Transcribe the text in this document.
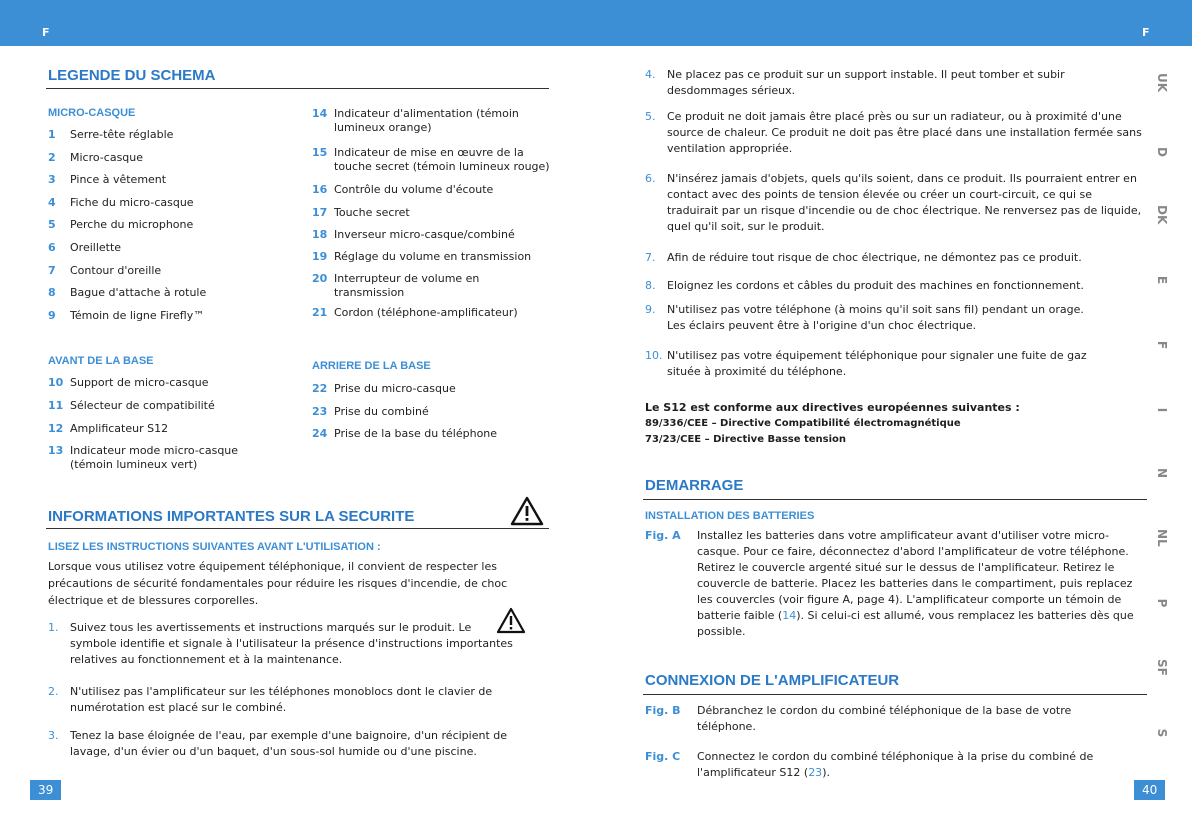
F	F
UK
D
DK
E
F
I
N
NL
P
SF
S
LEGENDE DU SCHEMA
MICRO-CASQUE
1 Serre-tête réglable
2 Micro-casque
3 Pince à vêtement
4 Fiche du micro-casque
5 Perche du microphone
6 Oreillette
7 Contour d'oreille
8 Bague d'attache à rotule
9 Témoin de ligne Firefly™
AVANT DE LA BASE
10 Support de micro-casque
11 Sélecteur de compatibilité
12 Amplificateur S12
13 Indicateur mode micro-casque (témoin lumineux vert)
14 Indicateur d'alimentation (témoin lumineux orange)
15 Indicateur de mise en œuvre de la touche secret (témoin lumineux rouge)
16 Contrôle du volume d'écoute
17 Touche secret
18 Inverseur micro-casque/combiné
19 Réglage du volume en transmission
20 Interrupteur de volume en transmission
21 Cordon (téléphone-amplificateur)
ARRIERE DE LA BASE
22 Prise du micro-casque
23 Prise du combiné
24 Prise de la base du téléphone
INFORMATIONS IMPORTANTES SUR LA SECURITE
LISEZ LES INSTRUCTIONS SUIVANTES AVANT L'UTILISATION :
Lorsque vous utilisez votre équipement téléphonique, il convient de respecter les précautions de sécurité fondamentales pour réduire les risques d'incendie, de choc électrique et de blessures corporelles.
1. Suivez tous les avertissements et instructions marqués sur le produit. Le symbole identifie et signale à l'utilisateur la présence d'instructions importantes relatives au fonctionnement et à la maintenance.
2. N'utilisez pas l'amplificateur sur les téléphones monoblocs dont le clavier de numérotation est placé sur le combiné.
3. Tenez la base éloignée de l'eau, par exemple d'une baignoire, d'un récipient de lavage, d'un évier ou d'un baquet, d'un sous-sol humide ou d'une piscine.
39
4. Ne placez pas ce produit sur un support instable. Il peut tomber et subir desdommages sérieux.
5. Ce produit ne doit jamais être placé près ou sur un radiateur, ou à proximité d'une source de chaleur. Ce produit ne doit pas être placé dans une installation fermée sans ventilation appropriée.
6. N'insérez jamais d'objets, quels qu'ils soient, dans ce produit. Ils pourraient entrer en contact avec des points de tension élevée ou créer un court-circuit, ce qui se traduirait par un risque d'incendie ou de choc électrique. Ne renversez pas de liquide, quel qu'il soit, sur le produit.
7. Afin de réduire tout risque de choc électrique, ne démontez pas ce produit.
8. Eloignez les cordons et câbles du produit des machines en fonctionnement.
9. N'utilisez pas votre téléphone (à moins qu'il soit sans fil) pendant un orage. Les éclairs peuvent être à l'origine d'un choc électrique.
10. N'utilisez pas votre équipement téléphonique pour signaler une fuite de gaz située à proximité du téléphone.
Le S12 est conforme aux directives européennes suivantes :
89/336/CEE – Directive Compatibilité électromagnétique
73/23/CEE – Directive Basse tension
DEMARRAGE
INSTALLATION DES BATTERIES
Fig. A	Installez les batteries dans votre amplificateur avant d'utiliser votre micro-casque. Pour ce faire, déconnectez d'abord l'amplificateur de votre téléphone. Retirez le couvercle argenté situé sur le dessus de l'amplificateur. Retirez le couvercle de batterie. Placez les batteries dans le compartiment, puis replacez les couvercles (voir figure A, page 4). L'amplificateur comporte un témoin de batterie faible (14). Si celui-ci est allumé, vous remplacez les batteries dès que possible.
CONNEXION DE L'AMPLIFICATEUR
Fig. B	Débranchez le cordon du combiné téléphonique de la base de votre téléphone.
Fig. C	Connectez le cordon du combiné téléphonique à la prise du combiné de l'amplificateur S12 (23).
40
